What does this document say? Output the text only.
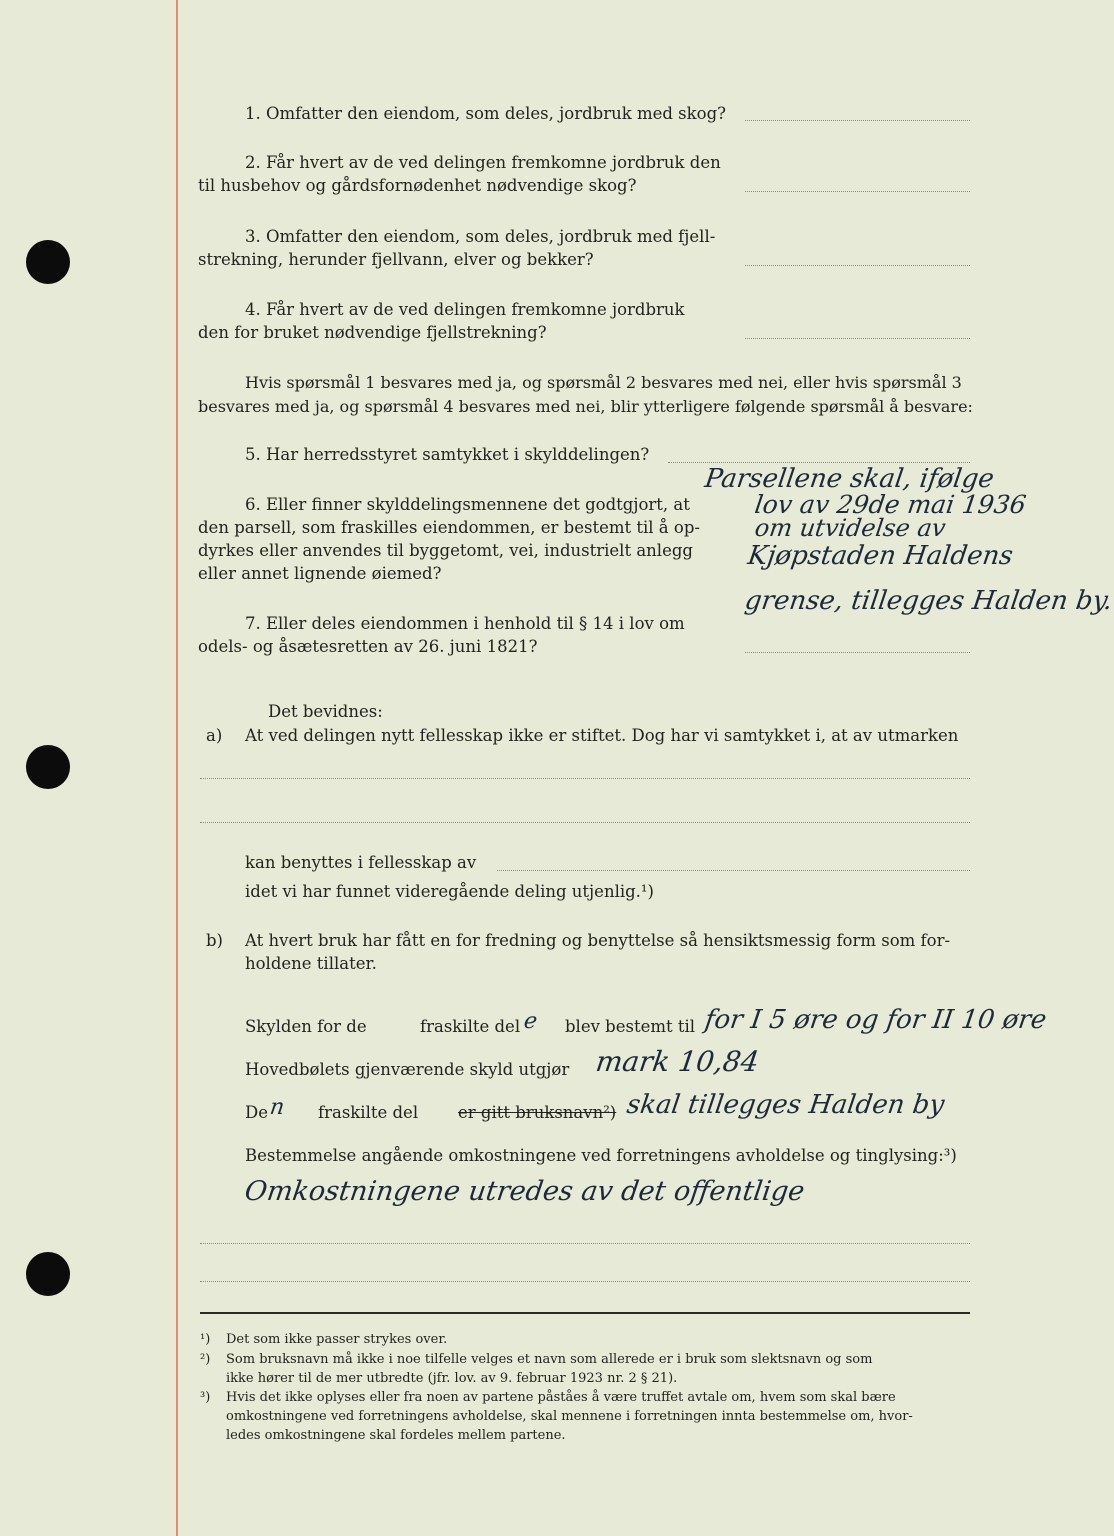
1. Omfatter den eiendom, som deles, jordbruk med skog?
2. Får hvert av de ved delingen fremkomne jordbruk den
til husbehov og gårdsfornødenhet nødvendige skog?
3. Omfatter den eiendom, som deles, jordbruk med fjell-
strekning, herunder fjellvann, elver og bekker?
4. Får hvert av de ved delingen fremkomne jordbruk
den for bruket nødvendige fjellstrekning?
Hvis spørsmål 1 besvares med ja, og spørsmål 2 besvares med nei, eller hvis spørsmål 3
besvares med ja, og spørsmål 4 besvares med nei, blir ytterligere følgende spørsmål å besvare:
5. Har herredsstyret samtykket i skylddelingen?
6. Eller finner skylddelingsmennene det godtgjort, at
den parsell, som fraskilles eiendommen, er bestemt til å op-
dyrkes eller anvendes til byggetomt, vei, industrielt anlegg
eller annet lignende øiemed?
7. Eller deles eiendommen i henhold til § 14 i lov om
odels- og åsætesretten av 26. juni 1821?
Parsellene skal, ifølge
lov av 29de mai 1936
om utvidelse av
Kjøpstaden Haldens
grense, tillegges Halden by.
Det bevidnes:
a) At ved delingen nytt fellesskap ikke er stiftet. Dog har vi samtykket i, at av utmarken
kan benyttes i fellesskap av
idet vi har funnet videregående deling utjenlig.¹)
b) At hvert bruk har fått en for fredning og benyttelse så hensiktsmessig form som for-
holdene tillater.
Skylden for de	fraskilte del e blev bestemt til for I 5 øre og for II 10 øre
Hovedbølets gjenværende skyld utgjør mark 10,84
De n fraskilte del er gitt bruksnavn²) skal tillegges Halden by
Bestemmelse angående omkostningene ved forretningens avholdelse og tinglysing:³)
Omkostningene utredes av det offentlige
¹) Det som ikke passer strykes over.
²) Som bruksnavn må ikke i noe tilfelle velges et navn som allerede er i bruk som slektsnavn og som
ikke hører til de mer utbredte (jfr. lov. av 9. februar 1923 nr. 2 § 21).
³) Hvis det ikke oplyses eller fra noen av partene påståes å være truffet avtale om, hvem som skal bære
omkostningene ved forretningens avholdelse, skal mennene i forretningen innta bestemmelse om, hvor-
ledes omkostningene skal fordeles mellem partene.
